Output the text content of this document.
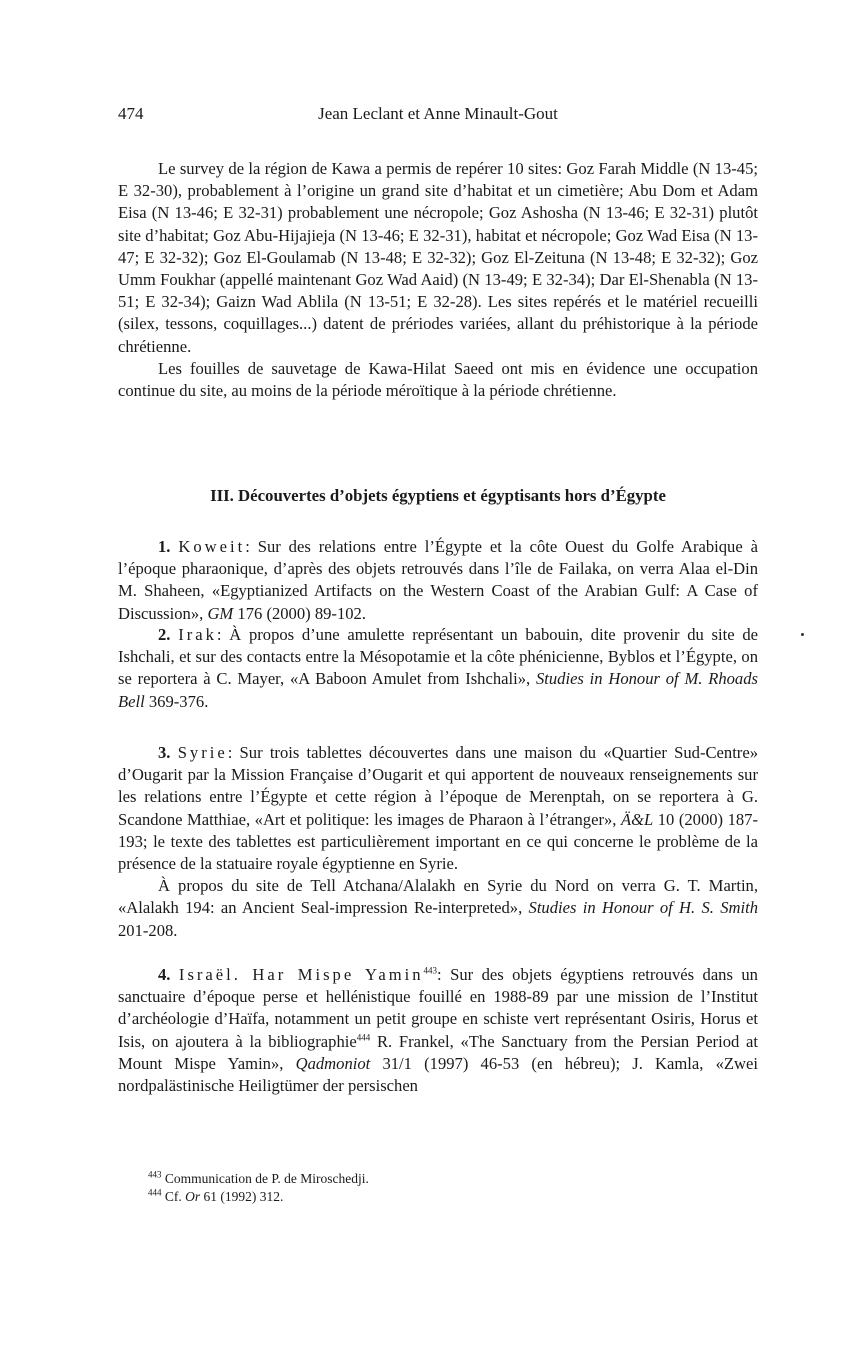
474	Jean Leclant et Anne Minault-Gout

Le survey de la région de Kawa a permis de repérer 10 sites: Goz Farah Middle (N 13-45; E 32-30), probablement à l’origine un grand site d’habitat et un cimetière; Abu Dom et Adam Eisa (N 13-46; E 32-31) probablement une nécropole; Goz Ashosha (N 13-46; E 32-31) plutôt site d’habitat; Goz Abu-Hijajieja (N 13-46; E 32-31), habitat et nécropole; Goz Wad Eisa (N 13-47; E 32-32); Goz El-Goulamab (N 13-48; E 32-32); Goz El-Zeituna (N 13-48; E 32-32); Goz Umm Foukhar (appellé maintenant Goz Wad Aaid) (N 13-49; E 32-34); Dar El-Shenabla (N 13-51; E 32-34); Gaizn Wad Ablila (N 13-51; E 32-28). Les sites repérés et le matériel recueilli (silex, tessons, coquillages...) datent de prériodes variées, allant du préhistorique à la période chrétienne.

Les fouilles de sauvetage de Kawa-Hilat Saeed ont mis en évidence une occupation continue du site, au moins de la période méroïtique à la période chrétienne.

III. Découvertes d’objets égyptiens et égyptisants hors d’Égypte

1. Koweit: Sur des relations entre l’Égypte et la côte Ouest du Golfe Arabique à l’époque pharaonique, d’après des objets retrouvés dans l’île de Failaka, on verra Alaa el-Din M. Shaheen, «Egyptianized Artifacts on the Western Coast of the Arabian Gulf: A Case of Discussion», GM 176 (2000) 89-102.

2. Irak: À propos d’une amulette représentant un babouin, dite provenir du site de Ishchali, et sur des contacts entre la Mésopotamie et la côte phénicienne, Byblos et l’Égypte, on se reportera à C. Mayer, «A Baboon Amulet from Ishchali», Studies in Honour of M. Rhoads Bell 369-376.

3. Syrie: Sur trois tablettes découvertes dans une maison du «Quartier Sud-Centre» d’Ougarit par la Mission Française d’Ougarit et qui apportent de nouveaux renseignements sur les relations entre l’Égypte et cette région à l’époque de Merenptah, on se reportera à G. Scandone Matthiae, «Art et politique: les images de Pharaon à l’étranger», Ä&L 10 (2000) 187-193; le texte des tablettes est particulièrement important en ce qui concerne le problème de la présence de la statuaire royale égyptienne en Syrie.

À propos du site de Tell Atchana/Alalakh en Syrie du Nord on verra G. T. Martin, «Alalakh 194: an Ancient Seal-impression Re-interpreted», Studies in Honour of H. S. Smith 201-208.

4. Israël. Har Mispe Yamin$^{443}$: Sur des objets égyptiens retrouvés dans un sanctuaire d’époque perse et hellénistique fouillé en 1988-89 par une mission de l’Institut d’archéologie d’Haïfa, notamment un petit groupe en schiste vert représentant Osiris, Horus et Isis, on ajoutera à la bibliographie$^{444}$ R. Frankel, «The Sanctuary from the Persian Period at Mount Mispe Yamin», Qadmoniot 31/1 (1997) 46-53 (en hébreu); J. Kamla, «Zwei nordpalästinische Heiligtümer der persischen

$^{443}$ Communication de P. de Miroschedji.
$^{444}$ Cf. Or 61 (1992) 312.
